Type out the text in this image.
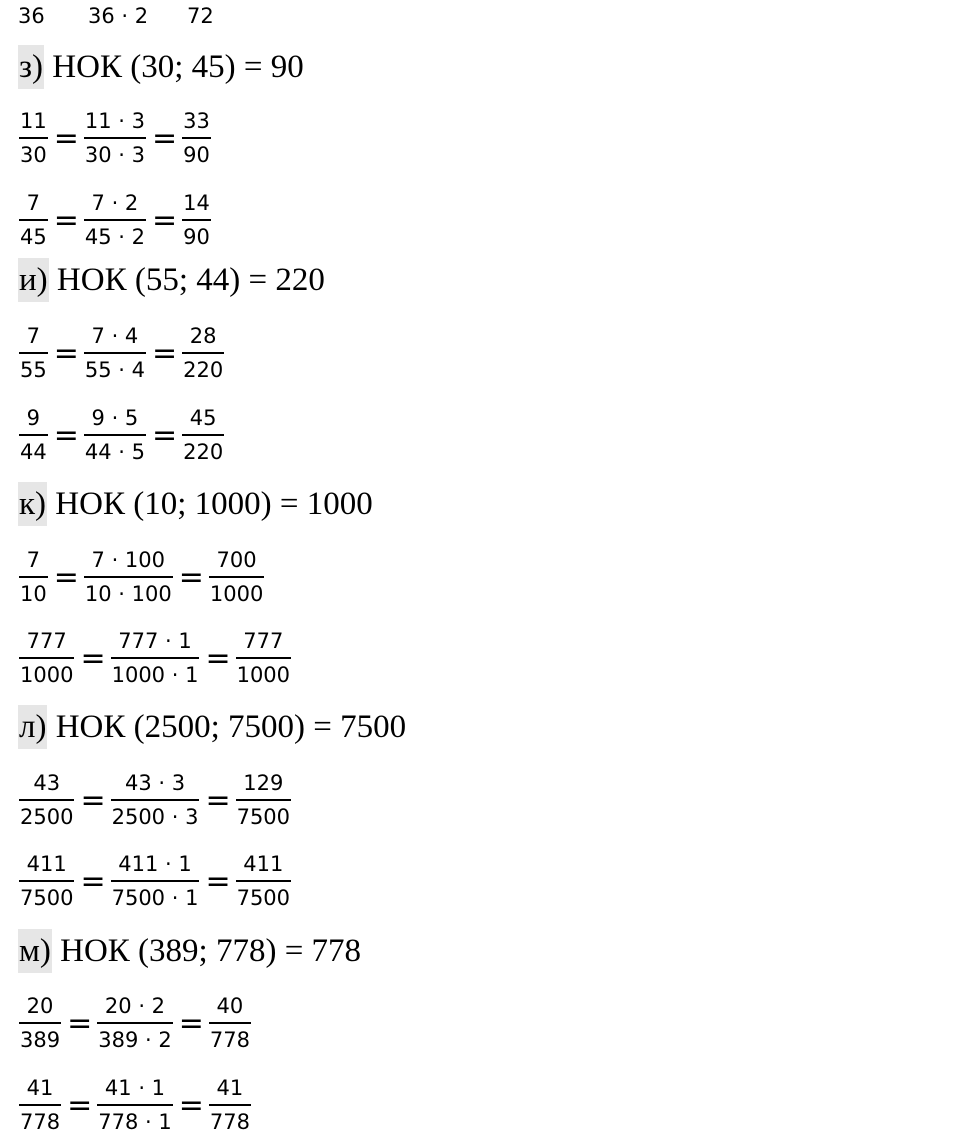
36 36 · 2 72
з) НОК (30; 45) = 90
$\frac{11}{30} = \frac{11 \cdot 3}{30 \cdot 3} = \frac{33}{90}$
$\frac{7}{45} = \frac{7 \cdot 2}{45 \cdot 2} = \frac{14}{90}$
и) НОК (55; 44) = 220
$\frac{7}{55} = \frac{7 \cdot 4}{55 \cdot 4} = \frac{28}{220}$
$\frac{9}{44} = \frac{9 \cdot 5}{44 \cdot 5} = \frac{45}{220}$
к) НОК (10; 1000) = 1000
$\frac{7}{10} = \frac{7 \cdot 100}{10 \cdot 100} = \frac{700}{1000}$
$\frac{777}{1000} = \frac{777 \cdot 1}{1000 \cdot 1} = \frac{777}{1000}$
л) НОК (2500; 7500) = 7500
$\frac{43}{2500} = \frac{43 \cdot 3}{2500 \cdot 3} = \frac{129}{7500}$
$\frac{411}{7500} = \frac{411 \cdot 1}{7500 \cdot 1} = \frac{411}{7500}$
м) НОК (389; 778) = 778
$\frac{20}{389} = \frac{20 \cdot 2}{389 \cdot 2} = \frac{40}{778}$
$\frac{41}{778} = \frac{41 \cdot 1}{778 \cdot 1} = \frac{41}{778}$
